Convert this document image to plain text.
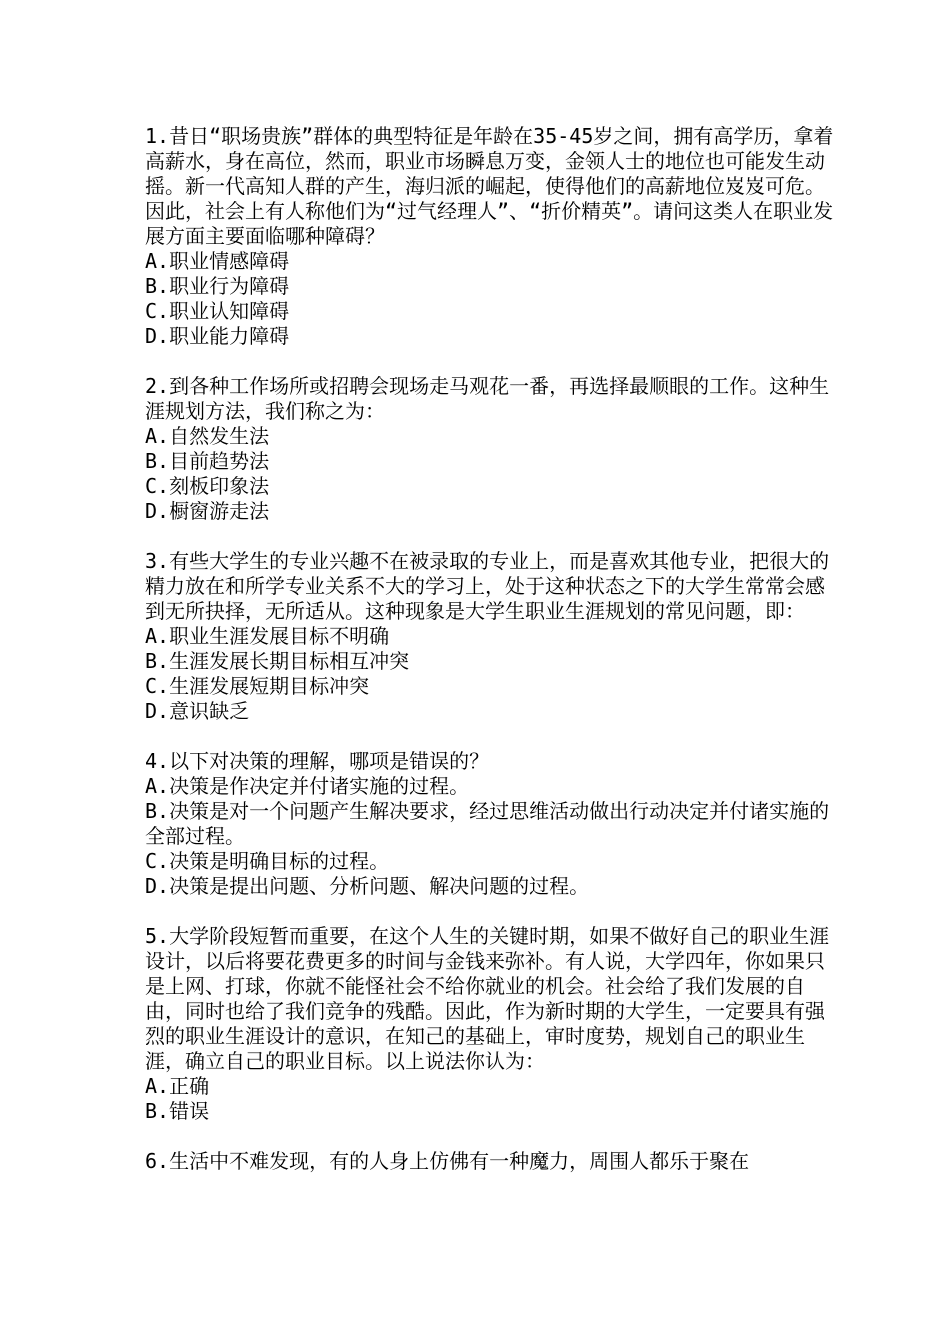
1.昔日“职场贵族”群体的典型特征是年龄在35-45岁之间，拥有高学历，拿着高薪水，身在高位，然而，职业市场瞬息万变，金领人士的地位也可能发生动摇。新一代高知人群的产生，海归派的崛起，使得他们的高薪地位岌岌可危。因此，社会上有人称他们为“过气经理人”、“折价精英”。请问这类人在职业发展方面主要面临哪种障碍？
A.职业情感障碍
B.职业行为障碍
C.职业认知障碍
D.职业能力障碍
2.到各种工作场所或招聘会现场走马观花一番，再选择最顺眼的工作。这种生涯规划方法，我们称之为：
A.自然发生法
B.目前趋势法
C.刻板印象法
D.橱窗游走法
3.有些大学生的专业兴趣不在被录取的专业上，而是喜欢其他专业，把很大的精力放在和所学专业关系不大的学习上，处于这种状态之下的大学生常常会感到无所抉择，无所适从。这种现象是大学生职业生涯规划的常见问题，即：
A.职业生涯发展目标不明确
B.生涯发展长期目标相互冲突
C.生涯发展短期目标冲突
D.意识缺乏
4.以下对决策的理解，哪项是错误的？
A.决策是作决定并付诸实施的过程。
B.决策是对一个问题产生解决要求，经过思维活动做出行动决定并付诸实施的全部过程。
C.决策是明确目标的过程。
D.决策是提出问题、分析问题、解决问题的过程。
5.大学阶段短暂而重要，在这个人生的关键时期，如果不做好自己的职业生涯设计，以后将要花费更多的时间与金钱来弥补。有人说，大学四年，你如果只是上网、打球，你就不能怪社会不给你就业的机会。社会给了我们发展的自由，同时也给了我们竞争的残酷。因此，作为新时期的大学生，一定要具有强烈的职业生涯设计的意识，在知己的基础上，审时度势，规划自己的职业生涯，确立自己的职业目标。以上说法你认为：
A.正确
B.错误
6.生活中不难发现，有的人身上仿佛有一种魔力，周围人都乐于聚在
